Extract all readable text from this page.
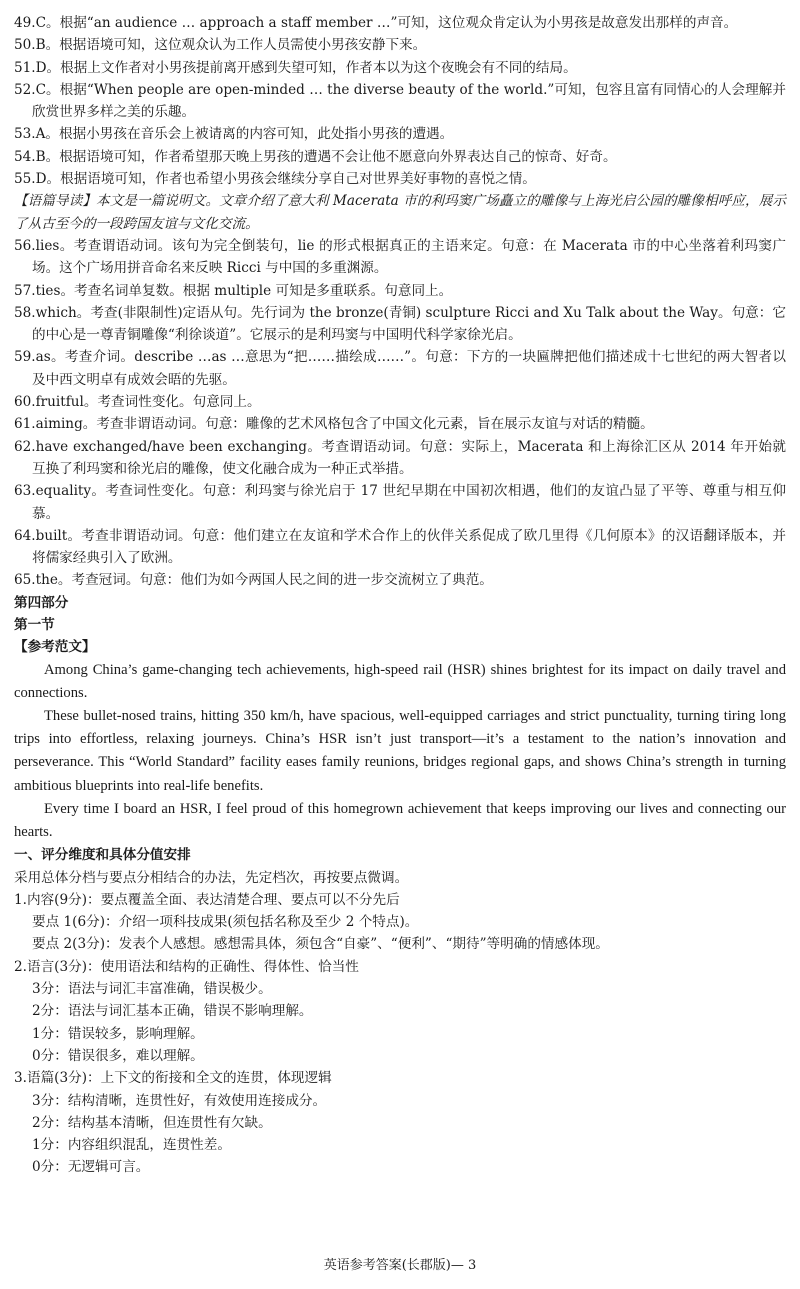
49.C。根据“an audience … approach a staff member …”可知，这位观众肯定认为小男孩是故意发出那样的声音。

50.B。根据语境可知，这位观众认为工作人员需使小男孩安静下来。

51.D。根据上文作者对小男孩提前离开感到失望可知，作者本以为这个夜晚会有不同的结局。

52.C。根据“When people are open-minded … the diverse beauty of the world.”可知，包容且富有同情心的人会理解并欣赏世界多样之美的乐趣。

53.A。根据小男孩在音乐会上被请离的内容可知，此处指小男孩的遭遇。

54.B。根据语境可知，作者希望那天晚上男孩的遭遇不会让他不愿意向外界表达自己的惊奇、好奇。

55.D。根据语境可知，作者也希望小男孩会继续分享自己对世界美好事物的喜悦之情。

【语篇导读】本文是一篇说明文。文章介绍了意大利 Macerata 市的利玛窦广场矗立的雕像与上海光启公园的雕像相呼应，展示了从古至今的一段跨国友谊与文化交流。

56.lies。考查谓语动词。该句为完全倒装句，lie 的形式根据真正的主语来定。句意：在 Macerata 市的中心坐落着利玛窦广场。这个广场用拼音命名来反映 Ricci 与中国的多重渊源。

57.ties。考查名词单复数。根据 multiple 可知是多重联系。句意同上。

58.which。考查(非限制性)定语从句。先行词为 the bronze(青铜) sculpture Ricci and Xu Talk about the Way。句意：它的中心是一尊青铜雕像“利徐谈道”。它展示的是利玛窦与中国明代科学家徐光启。

59.as。考查介词。describe …as …意思为“把……描绘成……”。句意：下方的一块匾牌把他们描述成十七世纪的两大智者以及中西文明卓有成效会晤的先驱。

60.fruitful。考查词性变化。句意同上。

61.aiming。考查非谓语动词。句意：雕像的艺术风格包含了中国文化元素，旨在展示友谊与对话的精髓。

62.have exchanged/have been exchanging。考查谓语动词。句意：实际上，Macerata 和上海徐汇区从 2014 年开始就互换了利玛窦和徐光启的雕像，使文化融合成为一种正式举措。

63.equality。考查词性变化。句意：利玛窦与徐光启于 17 世纪早期在中国初次相遇，他们的友谊凸显了平等、尊重与相互仰慕。

64.built。考查非谓语动词。句意：他们建立在友谊和学术合作上的伙伴关系促成了欧几里得《几何原本》的汉语翻译版本，并将儒家经典引入了欧洲。

65.the。考查冠词。句意：他们为如今两国人民之间的进一步交流树立了典范。

第四部分

第一节

【参考范文】

Among China’s game-changing tech achievements, high-speed rail (HSR) shines brightest for its impact on daily travel and connections.

These bullet-nosed trains, hitting 350 km/h, have spacious, well-equipped carriages and strict punctuality, turning tiring long trips into effortless, relaxing journeys. China’s HSR isn’t just transport—it’s a testament to the nation’s innovation and perseverance. This “World Standard” facility eases family reunions, bridges regional gaps, and shows China’s strength in turning ambitious blueprints into real-life benefits.

Every time I board an HSR, I feel proud of this homegrown achievement that keeps improving our lives and connecting our hearts.

一、评分维度和具体分值安排

采用总体分档与要点分相结合的办法，先定档次，再按要点微调。

1.内容(9分)：要点覆盖全面、表达清楚合理、要点可以不分先后

要点 1(6分)：介绍一项科技成果(须包括名称及至少 2 个特点)。

要点 2(3分)：发表个人感想。感想需具体，须包含“自豪”、“便利”、“期待”等明确的情感体现。

2.语言(3分)：使用语法和结构的正确性、得体性、恰当性

3分：语法与词汇丰富准确，错误极少。

2分：语法与词汇基本正确，错误不影响理解。

1分：错误较多，影响理解。

0分：错误很多，难以理解。

3.语篇(3分)：上下文的衔接和全文的连贯，体现逻辑

3分：结构清晰，连贯性好，有效使用连接成分。

2分：结构基本清晰，但连贯性有欠缺。

1分：内容组织混乱，连贯性差。

0分：无逻辑可言。

英语参考答案(长郡版)— 3
